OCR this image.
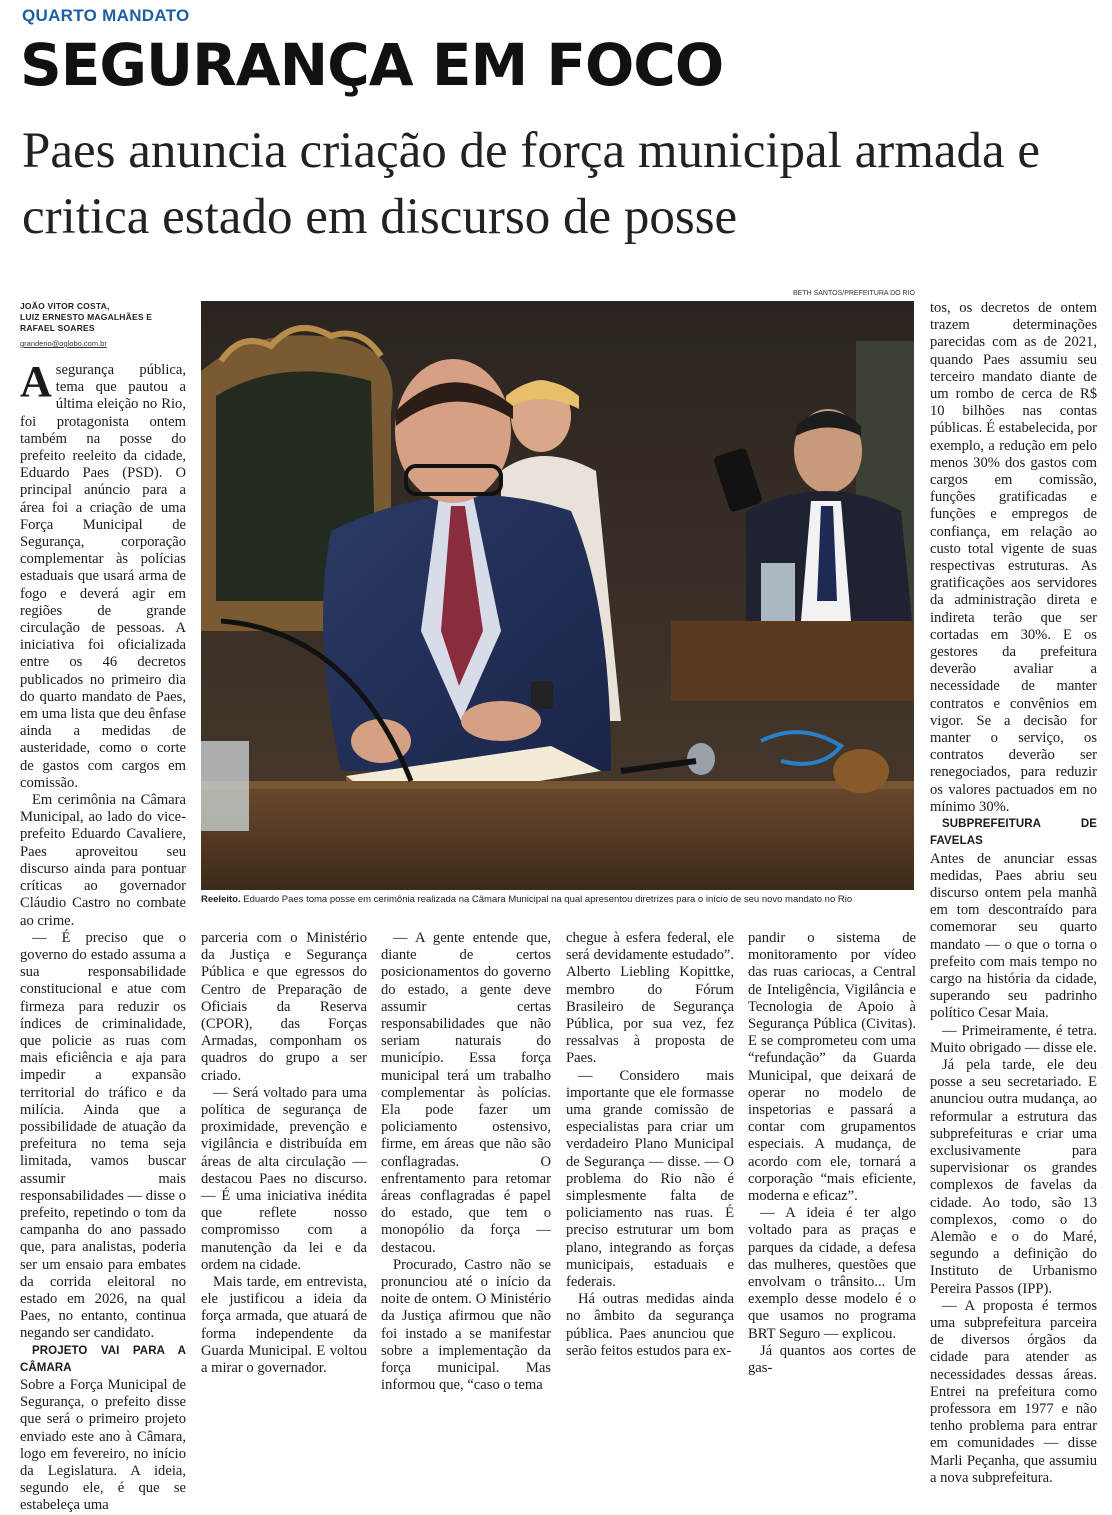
QUARTO MANDATO
SEGURANÇA EM FOCO
Paes anuncia criação de força municipal armada e critica estado em discurso de posse
JOÃO VITOR COSTA,
LUIZ ERNESTO MAGALHÃES E
RAFAEL SOARES
granderio@oglobo.com.br

Asegurança pública, tema que pautou a última eleição no Rio, foi protagonista ontem também na posse do prefeito reeleito da cidade, Eduardo Paes (PSD). O principal anúncio para a área foi a criação de uma Força Municipal de Segurança, corporação complementar às polícias estaduais que usará arma de fogo e deverá agir em regiões de grande circulação de pessoas. A iniciativa foi oficializada entre os 46 decretos publicados no primeiro dia do quarto mandato de Paes, em uma lista que deu ênfase ainda a medidas de austeridade, como o corte de gastos com cargos em comissão.

Em cerimônia na Câmara Municipal, ao lado do vice-prefeito Eduardo Cavaliere, Paes aproveitou seu discurso ainda para pontuar críticas ao governador Cláudio Castro no combate ao crime.

— É preciso que o governo do estado assuma a sua responsabilidade constitucional e atue com firmeza para reduzir os índices de criminalidade, que policie as ruas com mais eficiência e aja para impedir a expansão territorial do tráfico e da milícia. Ainda que a possibilidade de atuação da prefeitura no tema seja limitada, vamos buscar assumir mais responsabilidades — disse o prefeito, repetindo o tom da campanha do ano passado que, para analistas, poderia ser um ensaio para embates da corrida eleitoral no estado em 2026, na qual Paes, no entanto, continua negando ser candidato.

PROJETO VAI PARA A CÂMARA

Sobre a Força Municipal de Segurança, o prefeito disse que será o primeiro projeto enviado este ano à Câmara, logo em fevereiro, no início da Legislatura. A ideia, segundo ele, é que se estabeleça uma

BETH SANTOS/PREFEITURA DO RIO
Reeleito. Eduardo Paes toma posse em cerimônia realizada na Câmara Municipal na qual apresentou diretrizes para o início de seu novo mandato no Rio

parceria com o Ministério da Justiça e Segurança Pública e que egressos do Centro de Preparação de Oficiais da Reserva (CPOR), das Forças Armadas, componham os quadros do grupo a ser criado.

— Será voltado para uma política de segurança de proximidade, prevenção e vigilância e distribuída em áreas de alta circulação — destacou Paes no discurso. — É uma iniciativa inédita que reflete nosso compromisso com a manutenção da lei e da ordem na cidade.

Mais tarde, em entrevista, ele justificou a ideia da força armada, que atuará de forma independente da Guarda Municipal. E voltou a mirar o governador.

— A gente entende que, diante de certos posicionamentos do governo do estado, a gente deve assumir certas responsabilidades que não seriam naturais do município. Essa força municipal terá um trabalho complementar às polícias. Ela pode fazer um policiamento ostensivo, firme, em áreas que não são conflagradas. O enfrentamento para retomar áreas conflagradas é papel do estado, que tem o monopólio da força — destacou.

Procurado, Castro não se pronunciou até o início da noite de ontem. O Ministério da Justiça afirmou que não foi instado a se manifestar sobre a implementação da força municipal. Mas informou que, “caso o tema

chegue à esfera federal, ele será devidamente estudado”. Alberto Liebling Kopittke, membro do Fórum Brasileiro de Segurança Pública, por sua vez, fez ressalvas à proposta de Paes.

— Considero mais importante que ele formasse uma grande comissão de especialistas para criar um verdadeiro Plano Municipal de Segurança — disse. — O problema do Rio não é simplesmente falta de policiamento nas ruas. É preciso estruturar um bom plano, integrando as forças municipais, estaduais e federais.

Há outras medidas ainda no âmbito da segurança pública. Paes anunciou que serão feitos estudos para ex-

pandir o sistema de monitoramento por vídeo das ruas cariocas, a Central de Inteligência, Vigilância e Tecnologia de Apoio à Segurança Pública (Civitas). E se comprometeu com uma “refundação” da Guarda Municipal, que deixará de operar no modelo de inspetorias e passará a contar com grupamentos especiais. A mudança, de acordo com ele, tornará a corporação “mais eficiente, moderna e eficaz”.

— A ideia é ter algo voltado para as praças e parques da cidade, a defesa das mulheres, questões que envolvam o trânsito... Um exemplo desse modelo é o que usamos no programa BRT Seguro — explicou.

Já quantos aos cortes de gas-

tos, os decretos de ontem trazem determinações parecidas com as de 2021, quando Paes assumiu seu terceiro mandato diante de um rombo de cerca de R$ 10 bilhões nas contas públicas. É estabelecida, por exemplo, a redução em pelo menos 30% dos gastos com cargos em comissão, funções gratificadas e funções e empregos de confiança, em relação ao custo total vigente de suas respectivas estruturas. As gratificações aos servidores da administração direta e indireta terão que ser cortadas em 30%. E os gestores da prefeitura deverão avaliar a necessidade de manter contratos e convênios em vigor. Se a decisão for manter o serviço, os contratos deverão ser renegociados, para reduzir os valores pactuados em no mínimo 30%.

SUBPREFEITURA DE FAVELAS

Antes de anunciar essas medidas, Paes abriu seu discurso ontem pela manhã em tom descontraído para comemorar seu quarto mandato — o que o torna o prefeito com mais tempo no cargo na história da cidade, superando seu padrinho político Cesar Maia.

— Primeiramente, é tetra. Muito obrigado — disse ele.

Já pela tarde, ele deu posse a seu secretariado. E anunciou outra mudança, ao reformular a estrutura das subprefeituras e criar uma exclusivamente para supervisionar os grandes complexos de favelas da cidade. Ao todo, são 13 complexos, como o do Alemão e o do Maré, segundo a definição do Instituto de Urbanismo Pereira Passos (IPP).

— A proposta é termos uma subprefeitura parceira de diversos órgãos da cidade para atender as necessidades dessas áreas. Entrei na prefeitura como professora em 1977 e não tenho problema para entrar em comunidades — disse Marli Peçanha, que assumiu a nova subprefeitura.
